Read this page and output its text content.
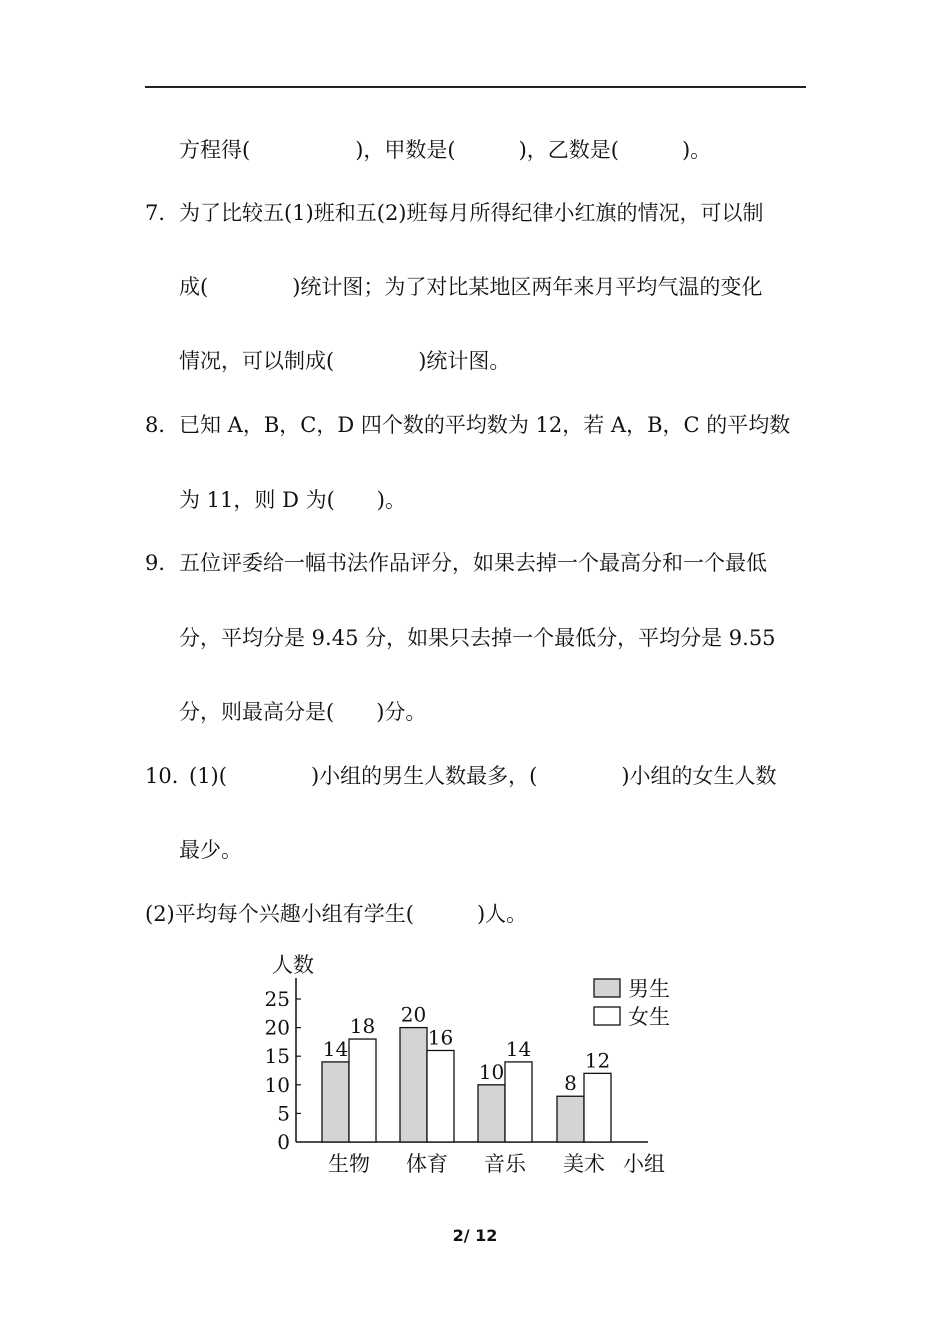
方程得(　　　　　)，甲数是(　　　)，乙数是(　　　)。
7． 为了比较五(1)班和五(2)班每月所得纪律小红旗的情况，可以制
成(　　　　)统计图；为了对比某地区两年来月平均气温的变化
情况，可以制成(　　　　)统计图。
8． 已知 A，B，C，D 四个数的平均数为 12，若 A，B，C 的平均数
为 11，则 D 为(　　)。
9． 五位评委给一幅书法作品评分，如果去掉一个最高分和一个最低
分，平均分是 9.45 分，如果只去掉一个最低分，平均分是 9.55
分，则最高分是(　　)分。
10．
(1)(　　　　)小组的男生人数最多，(　　　　)小组的女生人数
最少。
(2)平均每个兴趣小组有学生(　　　)人。
0
5
10
15
20
25
人数
14
18
生物
20
16
体育
10
14
音乐
8
12
美术 小组
男生
女生
2/ 12
